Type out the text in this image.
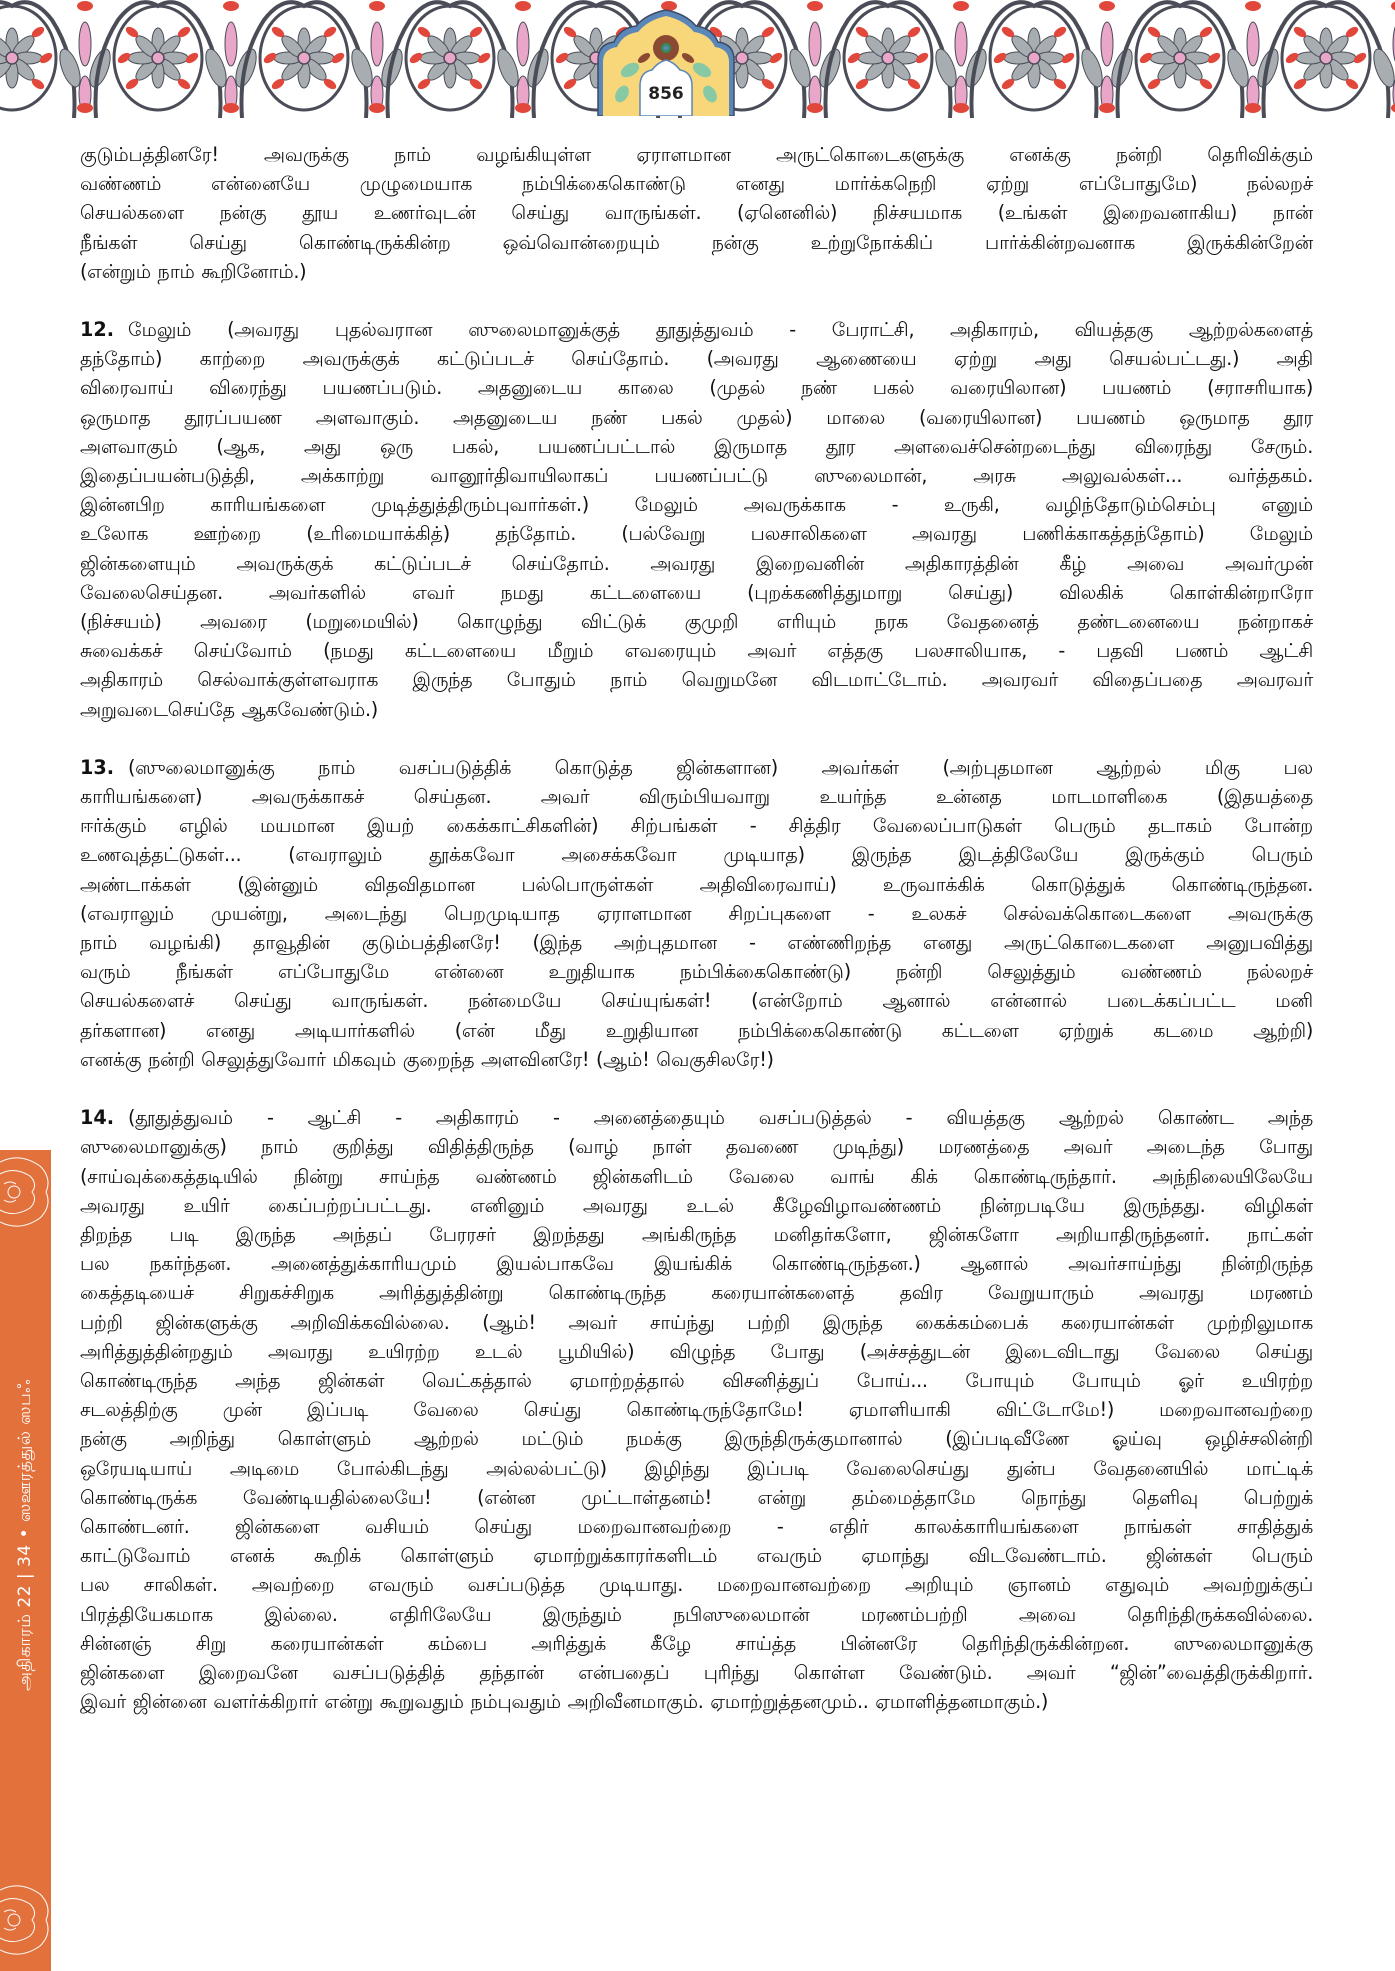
856
அதிகாரம் 22 | 34 • ஸஊரத்துல் ஸபஃ
குடும்பத்தினரே! அவருக்கு நாம் வழங்கியுள்ள ஏராளமான அருட்கொடைகளுக்கு எனக்கு நன்றி தெரிவிக்கும்
வண்ணம் என்னையே முழுமையாக நம்பிக்கைகொண்டு எனது மார்க்கநெறி ஏற்று எப்போதுமே) நல்லறச்
செயல்களை நன்கு தூய உணர்வுடன் செய்து வாருங்கள். (ஏனெனில்) நிச்சயமாக (உங்கள் இறைவனாகிய) நான்
நீங்கள் செய்து கொண்டிருக்கின்ற ஒவ்வொன்றையும் நன்கு உற்றுநோக்கிப் பார்க்கின்றவனாக இருக்கின்றேன்
(என்றும் நாம் கூறினோம்.)
12. மேலும் (அவரது புதல்வரான ஸுலைமானுக்குத் தூதுத்துவம் - பேராட்சி, அதிகாரம், வியத்தகு ஆற்றல்களைத்
தந்தோம்) காற்றை அவருக்குக் கட்டுப்படச் செய்தோம். (அவரது ஆணையை ஏற்று அது செயல்பட்டது.) அதி
விரைவாய் விரைந்து பயணப்படும். அதனுடைய காலை (முதல் நண் பகல் வரையிலான) பயணம் (சராசரியாக)
ஒருமாத தூரப்பயண அளவாகும். அதனுடைய நண் பகல் முதல்) மாலை (வரையிலான) பயணம் ஒருமாத தூர
அளவாகும் (ஆக, அது ஒரு பகல், பயணப்பட்டால் இருமாத தூர அளவைச்சென்றடைந்து விரைந்து சேரும்.
இதைப்பயன்படுத்தி, அக்காற்று வானூர்திவாயிலாகப் பயணப்பட்டு ஸுலைமான், அரசு அலுவல்கள்... வர்த்தகம்.
இன்னபிற காரியங்களை முடித்துத்திரும்புவார்கள்.) மேலும் அவருக்காக - உருகி, வழிந்தோடும்செம்பு எனும்
உலோக ஊற்றை (உரிமையாக்கித்) தந்தோம். (பல்வேறு பலசாலிகளை அவரது பணிக்காகத்தந்தோம்) மேலும்
ஜின்களையும் அவருக்குக் கட்டுப்படச் செய்தோம். அவரது இறைவனின் அதிகாரத்தின் கீழ் அவை அவர்முன்
வேலைசெய்தன. அவர்களில் எவர் நமது கட்டளையை (புறக்கணித்துமாறு செய்து) விலகிக் கொள்கின்றாரோ
(நிச்சயம்) அவரை (மறுமையில்) கொழுந்து விட்டுக் குமுறி எரியும் நரக வேதனைத் தண்டனையை நன்றாகச்
சுவைக்கச் செய்வோம் (நமது கட்டளையை மீறும் எவரையும் அவர் எத்தகு பலசாலியாக, - பதவி பணம் ஆட்சி
அதிகாரம் செல்வாக்குள்ளவராக இருந்த போதும் நாம் வெறுமனே விடமாட்டோம். அவரவர் விதைப்பதை அவரவர்
அறுவடைசெய்தே ஆகவேண்டும்.)
13. (ஸுலைமானுக்கு நாம் வசப்படுத்திக் கொடுத்த ஜின்களான) அவர்கள் (அற்புதமான ஆற்றல் மிகு பல
காரியங்களை) அவருக்காகச் செய்தன. அவர் விரும்பியவாறு உயர்ந்த உன்னத மாடமாளிகை (இதயத்தை
ஈர்க்கும் எழில் மயமான இயற் கைக்காட்சிகளின்) சிற்பங்கள் - சித்திர வேலைப்பாடுகள் பெரும் தடாகம் போன்ற
உணவுத்தட்டுகள்... (எவராலும் தூக்கவோ அசைக்கவோ முடியாத) இருந்த இடத்திலேயே இருக்கும் பெரும்
அண்டாக்கள் (இன்னும் விதவிதமான பல்பொருள்கள் அதிவிரைவாய்) உருவாக்கிக் கொடுத்துக் கொண்டிருந்தன.
(எவராலும் முயன்று, அடைந்து பெறமுடியாத ஏராளமான சிறப்புகளை - உலகச் செல்வக்கொடைகளை அவருக்கு
நாம் வழங்கி) தாவூதின் குடும்பத்தினரே! (இந்த அற்புதமான - எண்ணிறந்த எனது அருட்கொடைகளை அனுபவித்து
வரும் நீங்கள் எப்போதுமே என்னை உறுதியாக நம்பிக்கைகொண்டு) நன்றி செலுத்தும் வண்ணம் நல்லறச்
செயல்களைச் செய்து வாருங்கள். நன்மையே செய்யுங்கள்! (என்றோம் ஆனால் என்னால் படைக்கப்பட்ட மனி
தர்களான) எனது அடியார்களில் (என் மீது உறுதியான நம்பிக்கைகொண்டு கட்டளை ஏற்றுக் கடமை ஆற்றி)
எனக்கு நன்றி செலுத்துவோர் மிகவும் குறைந்த அளவினரே! (ஆம்! வெகுசிலரே!)
14. (தூதுத்துவம் - ஆட்சி - அதிகாரம் - அனைத்தையும் வசப்படுத்தல் - வியத்தகு ஆற்றல் கொண்ட அந்த
ஸுலைமானுக்கு) நாம் குறித்து விதித்திருந்த (வாழ் நாள் தவணை முடிந்து) மரணத்தை அவர் அடைந்த போது
(சாய்வுக்கைத்தடியில் நின்று சாய்ந்த வண்ணம் ஜின்களிடம் வேலை வாங் கிக் கொண்டிருந்தார். அந்நிலையிலேயே
அவரது உயிர் கைப்பற்றப்பட்டது. எனினும் அவரது உடல் கீழேவிழாவண்ணம் நின்றபடியே இருந்தது. விழிகள்
திறந்த படி இருந்த அந்தப் பேரரசர் இறந்தது அங்கிருந்த மனிதர்களோ, ஜின்களோ அறியாதிருந்தனர். நாட்கள்
பல நகர்ந்தன. அனைத்துக்காரியமும் இயல்பாகவே இயங்கிக் கொண்டிருந்தன.) ஆனால் அவர்சாய்ந்து நின்றிருந்த
கைத்தடியைச் சிறுகச்சிறுக அரித்துத்தின்று கொண்டிருந்த கரையான்களைத் தவிர வேறுயாரும் அவரது மரணம்
பற்றி ஜின்களுக்கு அறிவிக்கவில்லை. (ஆம்! அவர் சாய்ந்து பற்றி இருந்த கைக்கம்பைக் கரையான்கள் முற்றிலுமாக
அரித்துத்தின்றதும் அவரது உயிரற்ற உடல் பூமியில்) விழுந்த போது (அச்சத்துடன் இடைவிடாது வேலை செய்து
கொண்டிருந்த அந்த ஜின்கள் வெட்கத்தால் ஏமாற்றத்தால் விசனித்துப் போய்... போயும் போயும் ஓர் உயிரற்ற
சடலத்திற்கு முன் இப்படி வேலை செய்து கொண்டிருந்தோமே! ஏமாளியாகி விட்டோமே!) மறைவானவற்றை
நன்கு அறிந்து கொள்ளும் ஆற்றல் மட்டும் நமக்கு இருந்திருக்குமானால் (இப்படிவீணே ஓய்வு ஒழிச்சலின்றி
ஒரேயடியாய் அடிமை போல்கிடந்து அல்லல்பட்டு) இழிந்து இப்படி வேலைசெய்து துன்ப வேதனையில் மாட்டிக்
கொண்டிருக்க வேண்டியதில்லையே! (என்ன முட்டாள்தனம்! என்று தம்மைத்தாமே நொந்து தெளிவு பெற்றுக்
கொண்டனர். ஜின்களை வசியம் செய்து மறைவானவற்றை - எதிர் காலக்காரியங்களை நாங்கள் சாதித்துக்
காட்டுவோம் எனக் கூறிக் கொள்ளும் ஏமாற்றுக்காரர்களிடம் எவரும் ஏமாந்து விடவேண்டாம். ஜின்கள் பெரும்
பல சாலிகள். அவற்றை எவரும் வசப்படுத்த முடியாது. மறைவானவற்றை அறியும் ஞானம் எதுவும் அவற்றுக்குப்
பிரத்தியேகமாக இல்லை. எதிரிலேயே இருந்தும் நபிஸுலைமான் மரணம்பற்றி அவை தெரிந்திருக்கவில்லை.
சின்னஞ் சிறு கரையான்கள் கம்பை அரித்துக் கீழே சாய்த்த பின்னரே தெரிந்திருக்கின்றன. ஸுலைமானுக்கு
ஜின்களை இறைவனே வசப்படுத்தித் தந்தான் என்பதைப் புரிந்து கொள்ள வேண்டும். அவர் “ஜின்”வைத்திருக்கிறார்.
இவர் ஜின்னை வளர்க்கிறார் என்று கூறுவதும் நம்புவதும் அறிவீனமாகும். ஏமாற்றுத்தனமும்.. ஏமாளித்தனமாகும்.)
